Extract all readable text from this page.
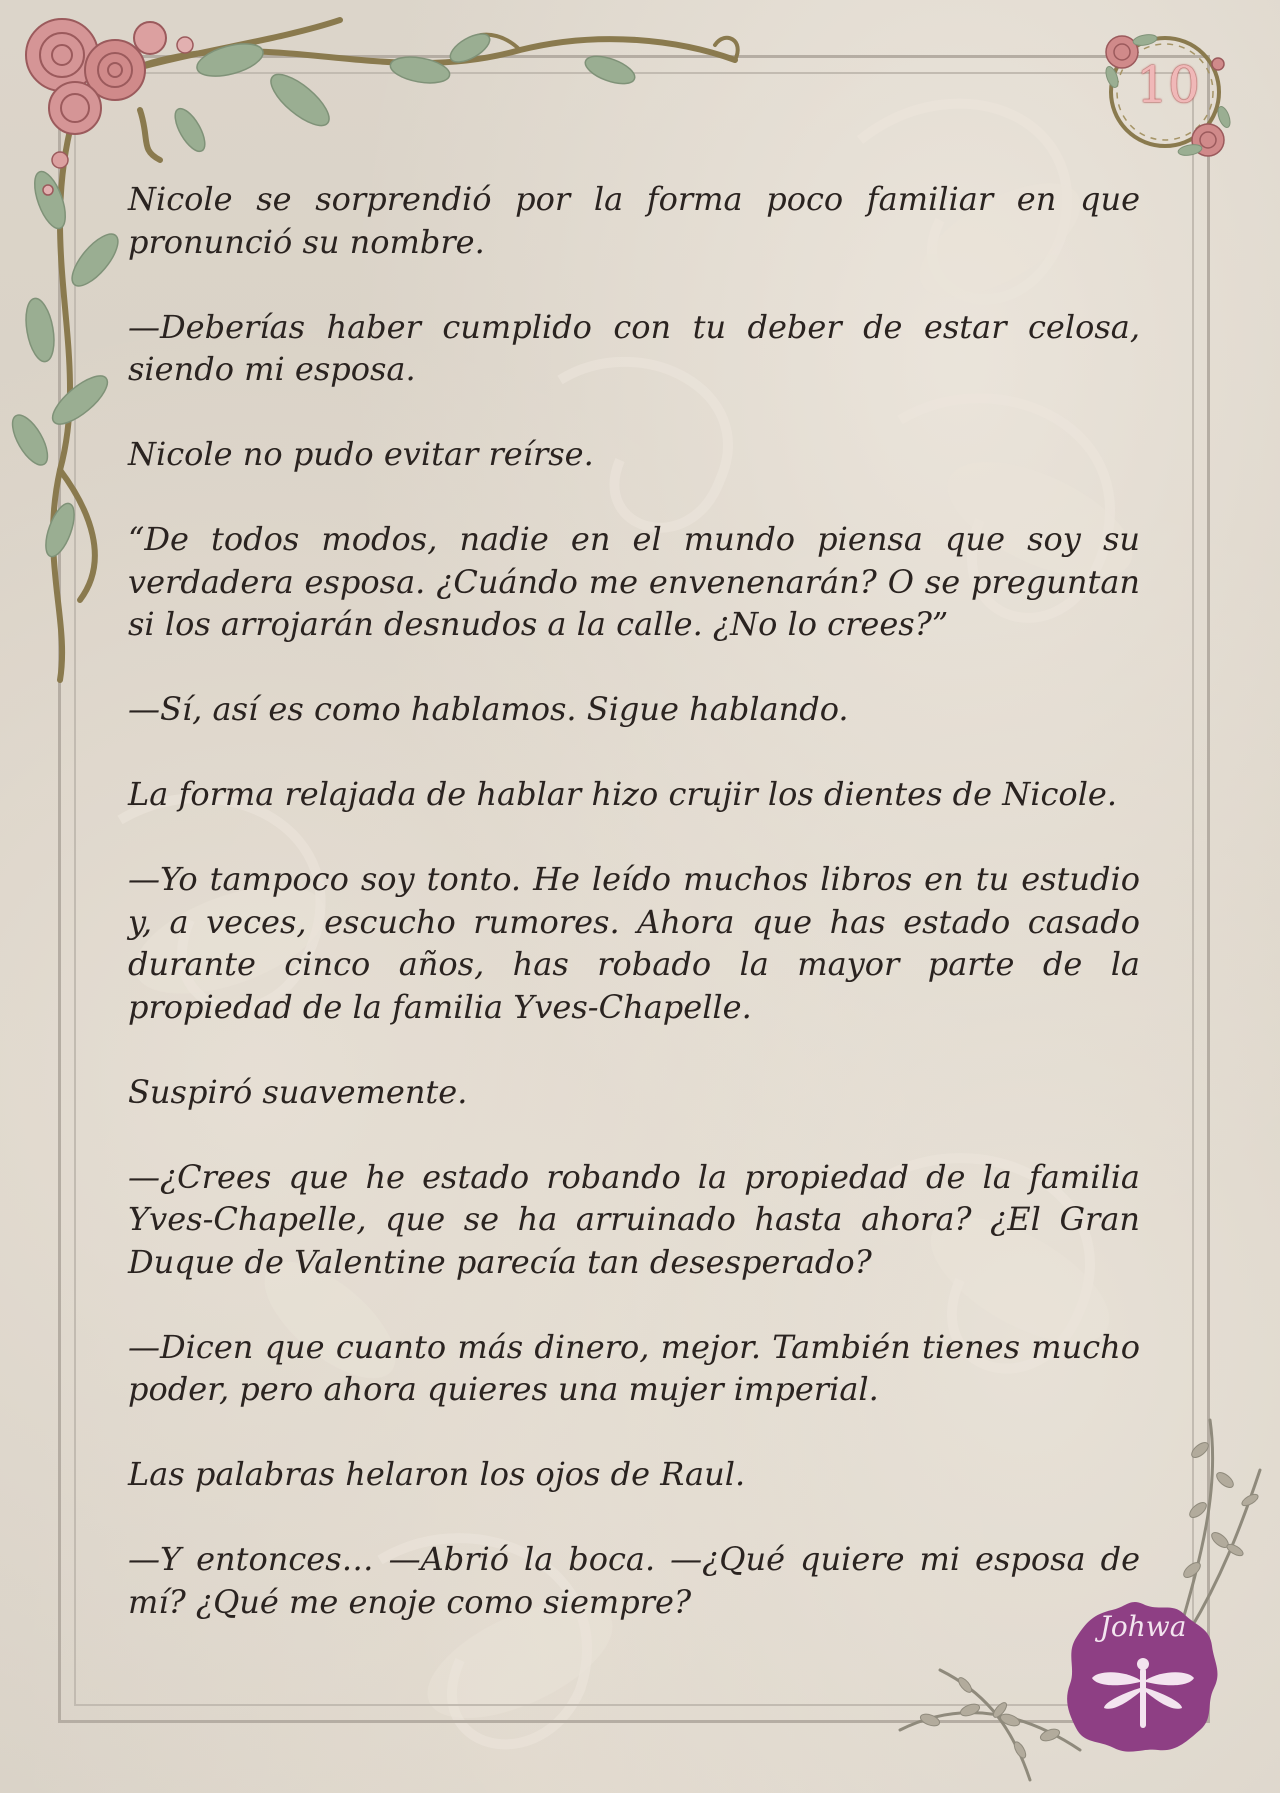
10
Johwa

Nicole se sorprendió por la forma poco familiar en que pronunció su nombre.

—Deberías haber cumplido con tu deber de estar celosa, siendo mi esposa.

Nicole no pudo evitar reírse.

“De todos modos, nadie en el mundo piensa que soy su verdadera esposa. ¿Cuándo me envenenarán? O se preguntan si los arrojarán desnudos a la calle. ¿No lo crees?”

—Sí, así es como hablamos. Sigue hablando.

La forma relajada de hablar hizo crujir los dientes de Nicole.

—Yo tampoco soy tonto. He leído muchos libros en tu estudio y, a veces, escucho rumores. Ahora que has estado casado durante cinco años, has robado la mayor parte de la propiedad de la familia Yves-Chapelle.

Suspiró suavemente.

—¿Crees que he estado robando la propiedad de la familia Yves-Chapelle, que se ha arruinado hasta ahora? ¿El Gran Duque de Valentine parecía tan desesperado?

—Dicen que cuanto más dinero, mejor. También tienes mucho poder, pero ahora quieres una mujer imperial.

Las palabras helaron los ojos de Raul.

—Y entonces… —Abrió la boca. —¿Qué quiere mi esposa de mí? ¿Qué me enoje como siempre?
